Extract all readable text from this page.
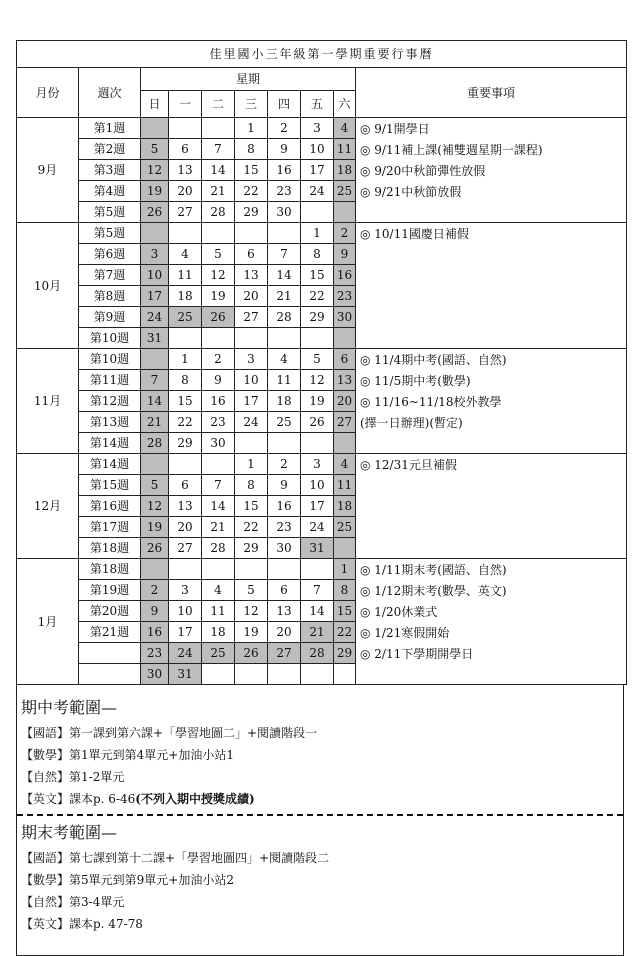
佳里國小三年級第一學期重要行事曆									
月份	週次	星期							重要事項
		日	一	二	三	四	五	六	
9月	第1週				1	2	3	4	◎ 9/1開學日
◎ 9/11補上課(補雙週星期一課程)
◎ 9/20中秋節彈性放假
◎ 9/21中秋節放假

	第2週	5	6	7	8	9	10	11	
	第3週	12	13	14	15	16	17	18	
	第4週	19	20	21	22	23	24	25	
	第5週	26	27	28	29	30			
10月	第5週						1	2	◎ 10/11國慶日補假

	第6週	3	4	5	6	7	8	9	
	第7週	10	11	12	13	14	15	16	
	第8週	17	18	19	20	21	22	23	
	第9週	24	25	26	27	28	29	30	
	第10週	31							
11月	第10週		1	2	3	4	5	6	◎ 11/4期中考(國語、自然)
◎ 11/5期中考(數學)
◎ 11/16~11/18校外教學
(擇一日辦理)(暫定)

	第11週	7	8	9	10	11	12	13	
	第12週	14	15	16	17	18	19	20	
	第13週	21	22	23	24	25	26	27	
	第14週	28	29	30					
12月	第14週				1	2	3	4	◎ 12/31元旦補假

	第15週	5	6	7	8	9	10	11	
	第16週	12	13	14	15	16	17	18	
	第17週	19	20	21	22	23	24	25	
	第18週	26	27	28	29	30	31		
1月	第18週							1	◎ 1/11期末考(國語、自然)
◎ 1/12期末考(數學、英文)
◎ 1/20休業式
◎ 1/21寒假開始
◎ 2/11下學期開學日

	第19週	2	3	4	5	6	7	8	
	第20週	9	10	11	12	13	14	15	
	第21週	16	17	18	19	20	21	22	
		23	24	25	26	27	28	29	
		30	31						
期中考範圍—
【國語】第一課到第六課+「學習地圖二」+閱讀階段一
【數學】第1單元到第4單元+加油小站1
【自然】第1-2單元
【英文】課本p. 6-46(不列入期中授獎成績)
期末考範圍—
【國語】第七課到第十二課+「學習地圖四」+閱讀階段二
【數學】第5單元到第9單元+加油小站2
【自然】第3-4單元
【英文】課本p. 47-78
